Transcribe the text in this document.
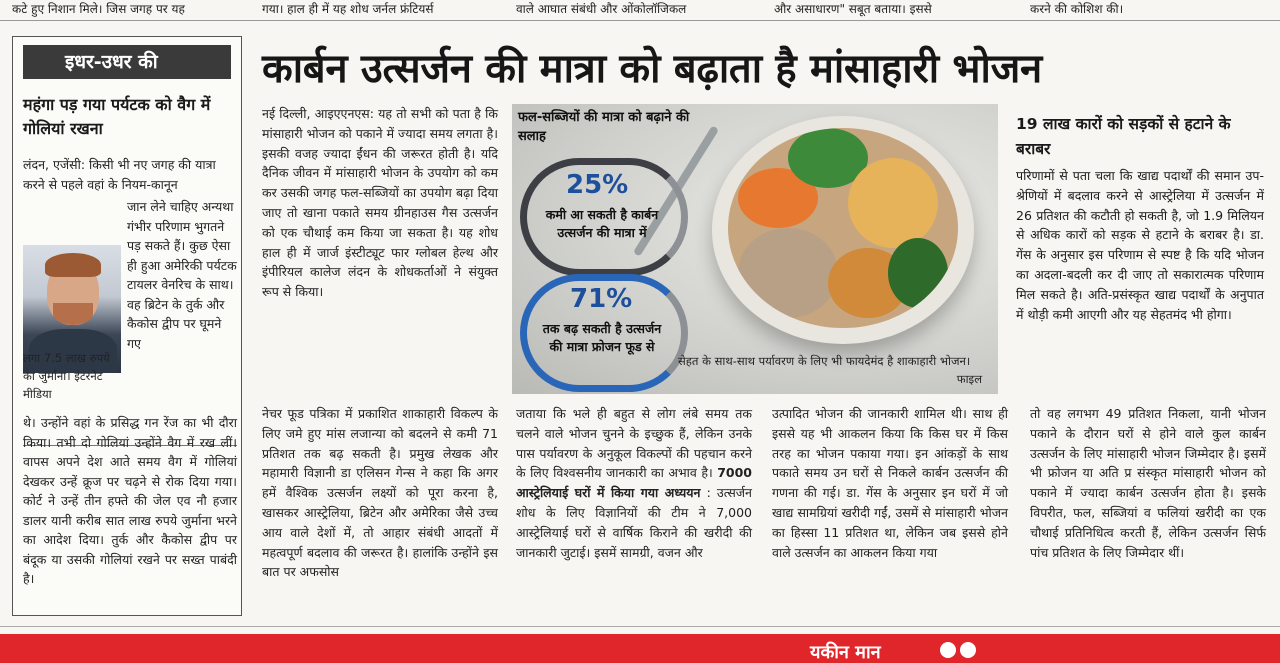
कटे हुए निशान मिले। जिस जगह पर यह	गया। हाल ही में यह शोध जर्नल फ्रंटियर्स	वाले आघात संबंधी और ओंकोलॉजिकल	और असाधारण" सबूत बताया। इससे	करने की कोशिश की।
इधर-उधर की
महंगा पड़ गया पर्यटक को वैग में गोलियां रखना
लंदन, एजेंसी: किसी भी नए जगह की यात्रा करने से पहले वहां के नियम-कानून
जान लेने चाहिए अन्यथा गंभीर परिणाम भुगतने पड़ सकते हैं। कुछ ऐसा ही हुआ अमेरिकी पर्यटक टायलर वेनरिच के साथ। वह ब्रिटेन के तुर्क और कैकोस द्वीप पर घूमने गए
लगा 7.5 लाख रुपये का जुर्माना। इंटरनेट मीडिया
थे। उन्होंने वहां के प्रसिद्ध गन रेंज का भी दौरा किया। तभी दो गोलियां उन्होंने वैग में रख लीं। वापस अपने देश आते समय वैग में गोलियां देखकर उन्हें क्रूज पर चढ़ने से रोक दिया गया। कोर्ट ने उन्हें तीन हफ्ते की जेल एव नौ हजार डालर यानी करीब सात लाख रुपये जुर्माना भरने का आदेश दिया। तुर्क और कैकोस द्वीप पर बंदूक या उसकी गोलियां रखने पर सख्त पाबंदी है।
कार्बन उत्सर्जन की मात्रा को बढ़ाता है मांसाहारी भोजन
नई दिल्ली, आइएएनएस: यह तो सभी को पता है कि मांसाहारी भोजन को पकाने में ज्यादा समय लगता है। इसकी वजह ज्यादा ईंधन की जरूरत होती है। यदि दैनिक जीवन में मांसाहारी भोजन के उपयोग को कम कर उसकी जगह फल-सब्जियों का उपयोग बढ़ा दिया जाए तो खाना पकाते समय ग्रीनहाउस गैस उत्सर्जन को एक चौथाई कम किया जा सकता है। यह शोध हाल ही में जार्ज इंस्टीट्यूट फार ग्लोबल हेल्थ और इंपीरियल कालेज लंदन के शोधकर्ताओं ने संयुक्त रूप से किया।
नेचर फूड पत्रिका में प्रकाशित शाकाहारी विकल्प के लिए जमे हुए मांस लजान्या को बदलने से कमी 71 प्रतिशत तक बढ़ सकती है। प्रमुख लेखक और महामारी विज्ञानी डा एलिसन गेन्स ने कहा कि अगर हमें वैश्विक उत्सर्जन लक्ष्यों को पूरा करना है, खासकर आस्ट्रेलिया, ब्रिटेन और अमेरिका जैसे उच्च आय वाले देशों में, तो आहार संबंधी आदतों में महत्वपूर्ण बदलाव की जरूरत है। हालांकि उन्होंने इस बात पर अफसोस
फल-सब्जियों की मात्रा को बढ़ाने की सलाह
25%
कमी आ सकती है कार्बन उत्सर्जन की मात्रा में
71%
तक बढ़ सकती है उत्सर्जन की मात्रा फ्रोजन फूड से
सेहत के साथ-साथ पर्यावरण के लिए भी फायदेमंद है शाकाहारी भोजन।
फाइल
19 लाख कारों को सड़कों से हटाने के बराबर
परिणामों से पता चला कि खाद्य पदार्थों की समान उप-श्रेणियों में बदलाव करने से आस्ट्रेलिया में उत्सर्जन में 26 प्रतिशत की कटौती हो सकती है, जो 1.9 मिलियन से अधिक कारों को सड़क से हटाने के बराबर है। डा. गेंस के अनुसार इस परिणाम से स्पष्ट है कि यदि भोजन का अदला-बदली कर दी जाए तो सकारात्मक परिणाम मिल सकते है। अति-प्रसंस्कृत खाद्य पदार्थों के अनुपात में थोड़ी कमी आएगी और यह सेहतमंद भी होगा।
जताया कि भले ही बहुत से लोग लंबे समय तक चलने वाले भोजन चुनने के इच्छुक हैं, लेकिन उनके पास पर्यावरण के अनुकूल विकल्पों की पहचान करने के लिए विश्वसनीय जानकारी का अभाव है। 7000 आस्ट्रेलियाई घरों में किया गया अध्ययन : उत्सर्जन शोध के लिए विज्ञानियों की टीम ने 7,000 आस्ट्रेलियाई घरों से वार्षिक किराने की खरीदी की जानकारी जुटाई। इसमें सामग्री, वजन और
उत्पादित भोजन की जानकारी शामिल थी। साथ ही इससे यह भी आकलन किया कि किस घर में किस तरह का भोजन पकाया गया। इन आंकड़ों के साथ पकाते समय उन घरों से निकले कार्बन उत्सर्जन की गणना की गई। डा. गेंस के अनुसार इन घरों में जो खाद्य सामग्रियां खरीदी गईं, उसमें से मांसाहारी भोजन का हिस्सा 11 प्रतिशत था, लेकिन जब इससे होने वाले उत्सर्जन का आकलन किया गया
तो वह लगभग 49 प्रतिशत निकला, यानी भोजन पकाने के दौरान घरों से होने वाले कुल कार्बन उत्सर्जन के लिए मांसाहारी भोजन जिम्मेदार है। इसमें भी फ्रोजन या अति प्र संस्कृत मांसाहारी भोजन को पकाने में ज्यादा कार्बन उत्सर्जन होता है। इसके विपरीत, फल, सब्जियां व फलियां खरीदी का एक चौथाई प्रतिनिधित्व करती हैं, लेकिन उत्सर्जन सिर्फ पांच प्रतिशत के लिए जिम्मेदार थीं।
यकीन मान
